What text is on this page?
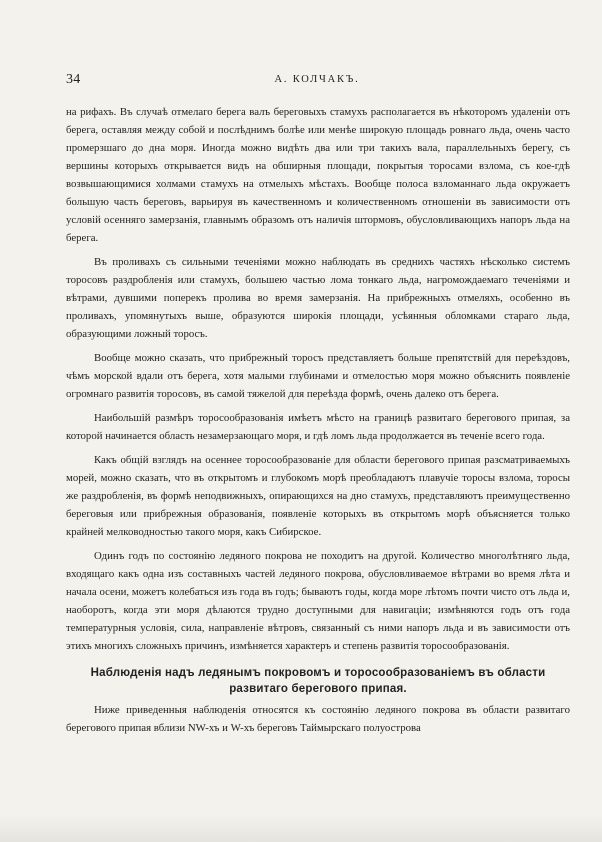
34	А. КОЛЧАКЪ.

на рифахъ. Въ случаѣ отмелаго берега валъ береговыхъ стамухъ располагается въ нѣкоторомъ удаленіи отъ берега, оставляя между собой и послѣднимъ болѣе или менѣе широкую площадь ровнаго льда, очень часто промерзшаго до дна моря. Иногда можно видѣть два или три такихъ вала, параллельныхъ берегу, съ вершины которыхъ открывается видъ на обширныя площади, покрытыя торосами взлома, съ кое-гдѣ возвышающимися холмами стамухъ на отмелыхъ мѣстахъ. Вообще полоса взломаннаго льда окружаетъ большую часть береговъ, варьируя въ качественномъ и количественномъ отношеніи въ зависимости отъ условій осенняго замерзанія, главнымъ образомъ отъ наличія штормовъ, обусловливающихъ напоръ льда на берега.

Въ проливахъ съ сильными теченіями можно наблюдать въ среднихъ частяхъ нѣсколько системъ торосовъ раздробленія или стамухъ, большею частью лома тонкаго льда, нагромождаемаго теченіями и вѣтрами, дувшими поперекъ пролива во время замерзанія. На прибрежныхъ отмеляхъ, особенно въ проливахъ, упомянутыхъ выше, образуются широкія площади, усѣянныя обломками стараго льда, образующими ложный торосъ.

Вообще можно сказать, что прибрежный торосъ представляетъ больше препятствій для переѣздовъ, чѣмъ морской вдали отъ берега, хотя малыми глубинами и отмелостью моря можно объяснить появленіе огромнаго развитія торосовъ, въ самой тяжелой для переѣзда формѣ, очень далеко отъ берега.

Наибольшій размѣръ торосообразованія имѣетъ мѣсто на границѣ развитаго берегового припая, за которой начинается область незамерзающаго моря, и гдѣ ломъ льда продолжается въ теченіе всего года.

Какъ общій взглядъ на осеннее торосообразованіе для области берегового припая разсматриваемыхъ морей, можно сказать, что въ открытомъ и глубокомъ морѣ преобладаютъ плавучіе торосы взлома, торосы же раздробленія, въ формѣ неподвижныхъ, опирающихся на дно стамухъ, представляютъ преимущественно береговыя или прибрежныя образованія, появленіе которыхъ въ открытомъ морѣ объясняется только крайней мелководностью такого моря, какъ Сибирское.

Одинъ годъ по состоянію ледяного покрова не походитъ на другой. Количество многолѣтняго льда, входящаго какъ одна изъ составныхъ частей ледяного покрова, обусловливаемое вѣтрами во время лѣта и начала осени, можетъ колебаться изъ года въ годъ; бываютъ годы, когда море лѣтомъ почти чисто отъ льда и, наоборотъ, когда эти моря дѣлаются трудно доступными для навигаціи; измѣняются годъ отъ года температурныя условія, сила, направленіе вѣтровъ, связанный съ ними напоръ льда и въ зависимости отъ этихъ многихъ сложныхъ причинъ, измѣняется характеръ и степень развитія торосообразованія.

Наблюденія надъ ледянымъ покровомъ и торосообразованіемъ въ области развитаго берегового припая.

Ниже приведенныя наблюденія относятся къ состоянію ледяного покрова въ области развитаго берегового припая вблизи NW-хъ и W-хъ береговъ Таймырскаго полуострова
